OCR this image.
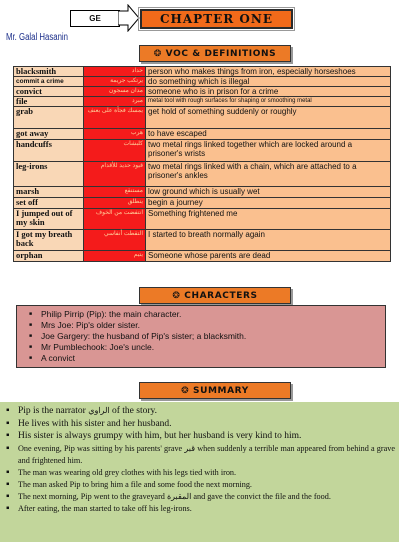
GE	CHAPTER ONE
Mr. Galal Hasanin
❂ VOC & DEFINITIONS
blacksmith	حداد	person who makes things from iron, especially horseshoes
commit a crime	يرتكب جريمة	do something which is illegal
convict	مدان مسجون	someone who is in prison for a crime
file	مبرد	metal tool with rough surfaces for shaping or smoothing metal
grab	يمسك فجأة على بعنف	get hold of something suddenly or roughly
got away	هرب	to have escaped
handcuffs	كلبشات	two metal rings linked together which are locked around a prisoner's wrists
leg-irons	قيود حديد للأقدام	two metal rings linked with a chain, which are attached to a prisoner's ankles
marsh	مستنقع	low ground which is usually wet
set off	ينطلق	begin a journey
I jumped out of my skin	انتفضت من الخوف	Something frightened me
I got my breath back	التقطت أنفاسي	I started to breath normally again
orphan	يتيم	Someone whose parents are dead
❂ CHARACTERS
■ Philip Pirrip (Pip): the main character.
■ Mrs Joe: Pip's older sister.
■ Joe Gargery: the husband of Pip's sister; a blacksmith.
■ Mr Pumblechook: Joe's uncle.
■ A convict
❂ SUMMARY
▪ Pip is the narrator الراوي of the story.
▪ He lives with his sister and her husband.
▪ His sister is always grumpy with him, but her husband is very kind to him.
▪ One evening, Pip was sitting by his parents' grave قبر when suddenly a terrible man appeared from behind a grave and frightened him.
▪ The man was wearing old grey clothes with his legs tied with iron.
▪ The man asked Pip to bring him a file and some food the next morning.
▪ The next morning, Pip went to the graveyard المقبرة and gave the convict the file and the food.
▪ After eating, the man started to take off his leg-irons.
